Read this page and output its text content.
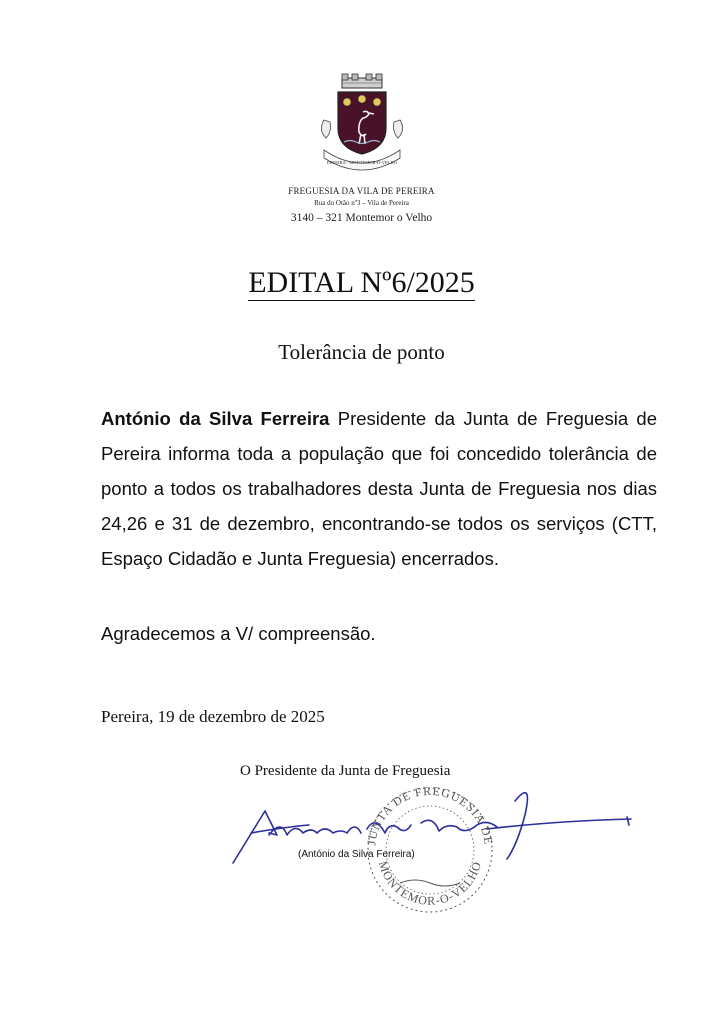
PEREIRA · MONTEMOR-O-VELHO
FREGUESIA DA VILA DE PEREIRA
Rua do Otão nº3 – Vila de Pereira
3140 – 321 Montemor o Velho
EDITAL Nº6/2025
Tolerância de ponto
António da Silva Ferreira Presidente da Junta de Freguesia de Pereira informa toda a população que foi concedido tolerância de ponto a todos os trabalhadores desta Junta de Freguesia nos dias 24,26 e 31 de dezembro, encontrando-se todos os serviços (CTT, Espaço Cidadão e Junta Freguesia) encerrados.
Agradecemos a V/ compreensão.
Pereira, 19 de dezembro de 2025
O Presidente da Junta de Freguesia
JUNTA DE FREGUESIA DE
MONTEMOR-O-VELHO
(António da Silva Ferreira)
